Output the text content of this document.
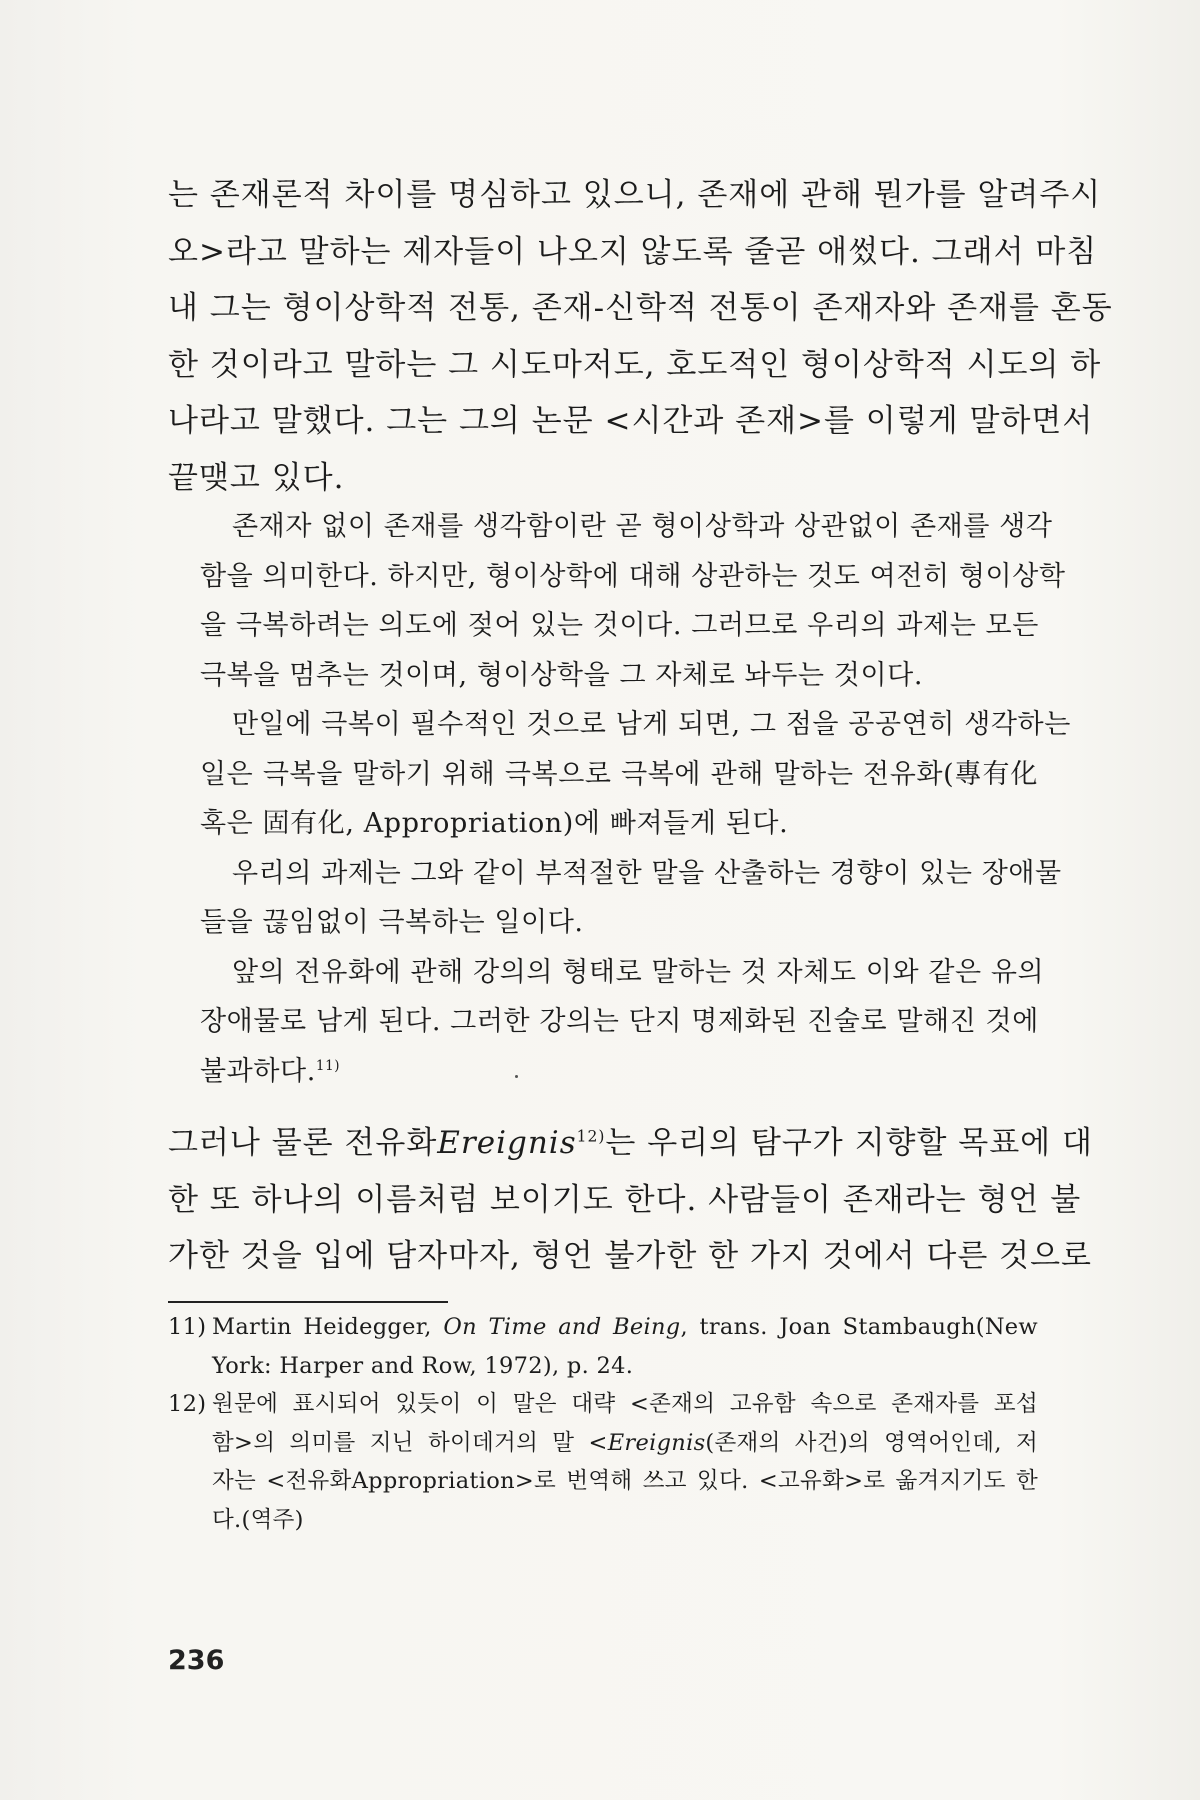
는 존재론적 차이를 명심하고 있으니, 존재에 관해 뭔가를 알려주시
오>라고 말하는 제자들이 나오지 않도록 줄곧 애썼다. 그래서 마침
내 그는 형이상학적 전통, 존재-신학적 전통이 존재자와 존재를 혼동
한 것이라고 말하는 그 시도마저도, 호도적인 형이상학적 시도의 하
나라고 말했다. 그는 그의 논문 <시간과 존재>를 이렇게 말하면서
끝맺고 있다.
존재자 없이 존재를 생각함이란 곧 형이상학과 상관없이 존재를 생각
함을 의미한다. 하지만, 형이상학에 대해 상관하는 것도 여전히 형이상학
을 극복하려는 의도에 젖어 있는 것이다. 그러므로 우리의 과제는 모든
극복을 멈추는 것이며, 형이상학을 그 자체로 놔두는 것이다.
만일에 극복이 필수적인 것으로 남게 되면, 그 점을 공공연히 생각하는
일은 극복을 말하기 위해 극복으로 극복에 관해 말하는 전유화(專有化
혹은 固有化, Appropriation)에 빠져들게 된다.
우리의 과제는 그와 같이 부적절한 말을 산출하는 경향이 있는 장애물
들을 끊임없이 극복하는 일이다.
앞의 전유화에 관해 강의의 형태로 말하는 것 자체도 이와 같은 유의
장애물로 남게 된다. 그러한 강의는 단지 명제화된 진술로 말해진 것에
불과하다.$^{11)}$
그러나 물론 전유화Ereignis$^{12)}$는 우리의 탐구가 지향할 목표에 대
한 또 하나의 이름처럼 보이기도 한다. 사람들이 존재라는 형언 불
가한 것을 입에 담자마자, 형언 불가한 한 가지 것에서 다른 것으로
11) Martin Heidegger, On Time and Being, trans. Joan Stambaugh(New
York: Harper and Row, 1972), p. 24.
12) 원문에 표시되어 있듯이 이 말은 대략 <존재의 고유함 속으로 존재자를 포섭
함>의 의미를 지닌 하이데거의 말 <Ereignis(존재의 사건)의 영역어인데, 저
자는 <전유화Appropriation>로 번역해 쓰고 있다. <고유화>로 옮겨지기도 한
다.(역주)
236
